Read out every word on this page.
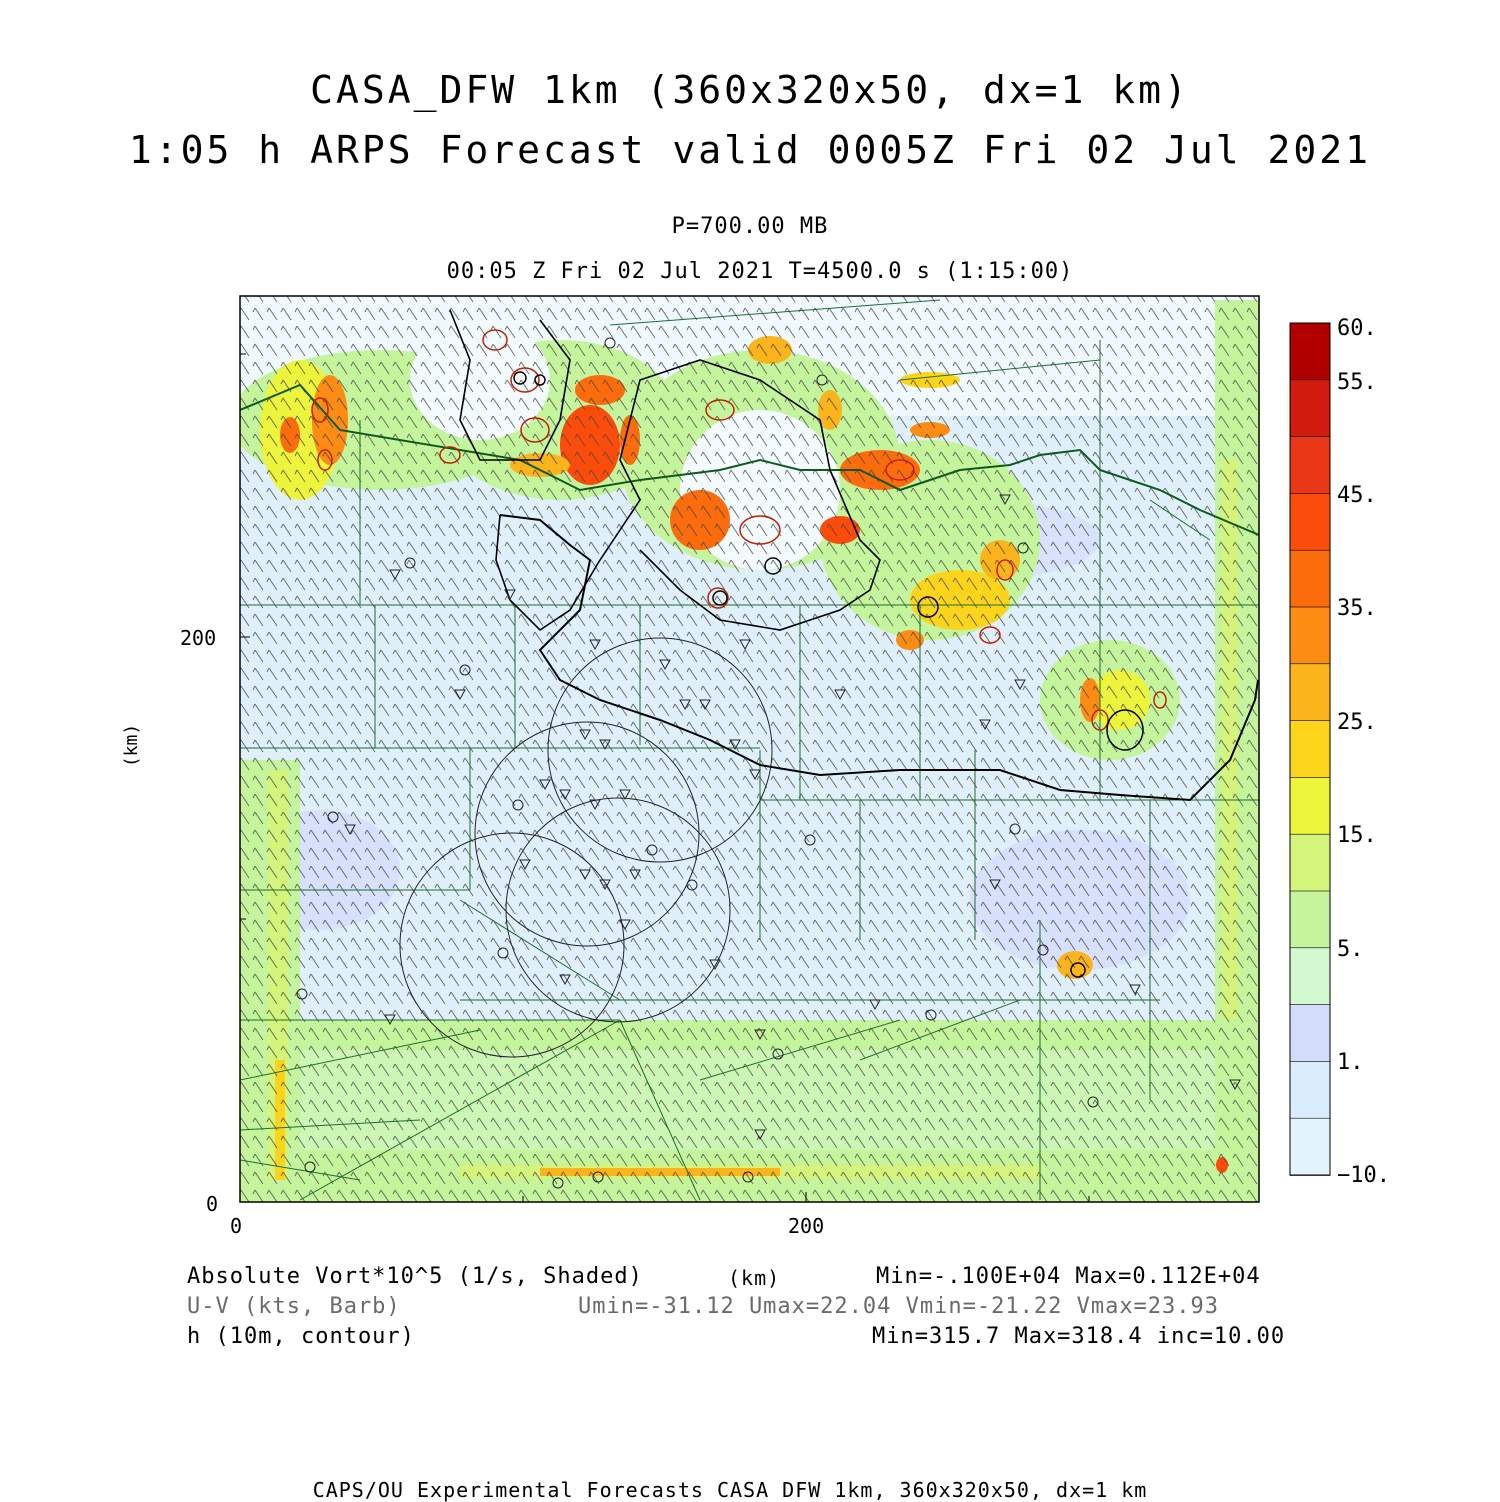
CASA_DFW 1km (360x320x50, dx=1 km)
1:05 h ARPS Forecast valid 0005Z Fri 02 Jul 2021
P=700.00 MB
00:05 Z Fri 02 Jul 2021 T=4500.0 s (1:15:00)
0
200
0	200
(km)
(km)
60.
55.
45.
35.
25.
15.
5.
1.
−10.
Absolute Vort*10^5 (1/s, Shaded)	Min=-.100E+04 Max=0.112E+04
U-V (kts, Barb)	Umin=-31.12 Umax=22.04 Vmin=-21.22 Vmax=23.93
h (10m, contour)	Min=315.7 Max=318.4 inc=10.00
CAPS/OU Experimental Forecasts CASA DFW 1km, 360x320x50, dx=1 km
